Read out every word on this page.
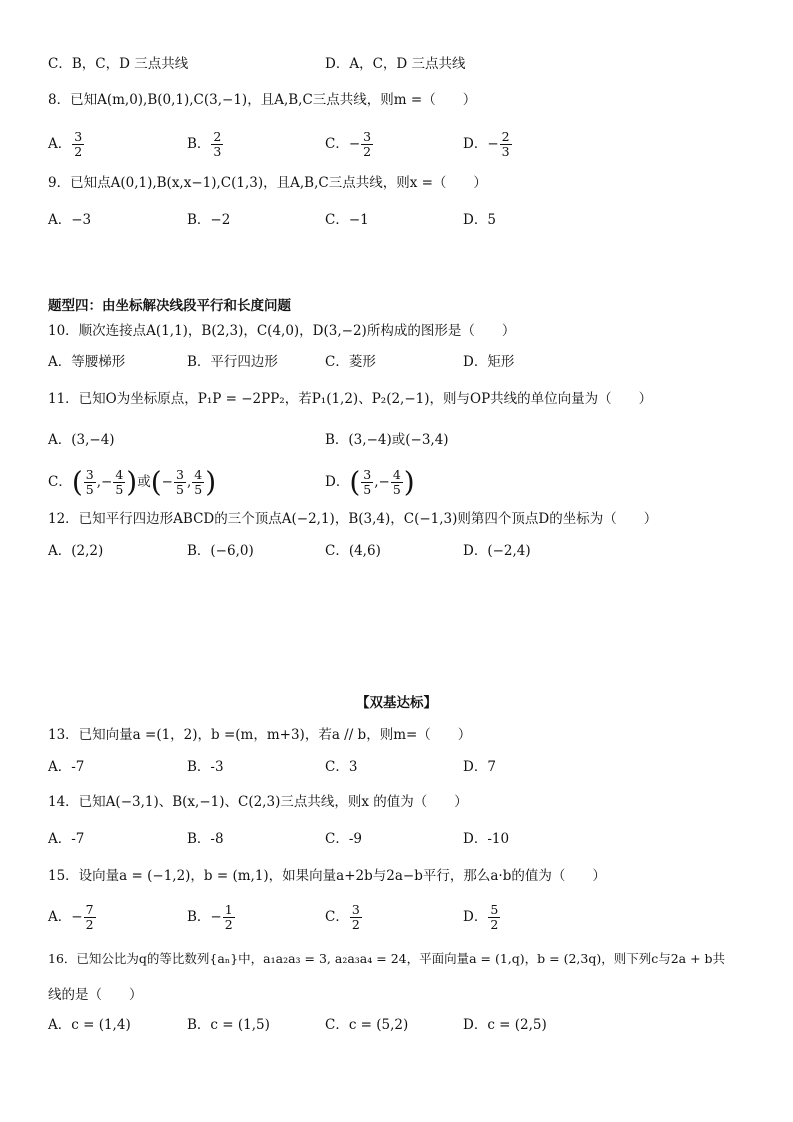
C．B，C，D 三点共线	D．A，C，D 三点共线
8．已知A(m,0),B(0,1),C(3,−1)，且A,B,C三点共线，则m =（　　）
A． $\frac{3}{2}$	B． $\frac{2}{3}$	C．− $\frac{3}{2}$	D．− $\frac{2}{3}$
9．已知点A(0,1),B(x,x−1),C(1,3)，且A,B,C三点共线，则x =（　　）
A．−3	B．−2	C．−1	D．5
题型四：由坐标解决线段平行和长度问题
10．顺次连接点A(1,1)，B(2,3)，C(4,0)，D(3,−2)所构成的图形是（　　）
A．等腰梯形	B．平行四边形	C．菱形	D．矩形
11．已知O为坐标原点，P₁P = −2PP₂，若P₁(1,2)、P₂(2,−1)，则与OP共线的单位向量为（　　）
A．(3,−4)	B．(3,−4)或(−3,4)
C．( $\frac{3}{5}$ ,− $\frac{4}{5}$ )或(− $\frac{3}{5}$ , $\frac{4}{5}$ )	D．( $\frac{3}{5}$ ,− $\frac{4}{5}$ )
12．已知平行四边形ABCD的三个顶点A(−2,1)，B(3,4)，C(−1,3)则第四个顶点D的坐标为（　　）
A．(2,2)	B．(−6,0)	C．(4,6)	D．(−2,4)
【双基达标】
13．已知向量a =(1，2)，b =(m，m+3)，若a // b，则m=（　　）
A．-7	B．-3	C．3	D．7
14．已知A(−3,1)、B(x,−1)、C(2,3)三点共线，则x 的值为（　　）
A．-7	B．-8	C．-9	D．-10
15．设向量a = (−1,2)，b = (m,1)，如果向量a+2b与2a−b平行，那么a·b的值为（　　）
A．− $\frac{7}{2}$	B．− $\frac{1}{2}$	C． $\frac{3}{2}$	D． $\frac{5}{2}$
16．已知公比为q的等比数列{aₙ}中，a₁a₂a₃ = 3, a₂a₃a₄ = 24，平面向量a = (1,q)，b = (2,3q)，则下列c与2a + b共
线的是（　　）
A．c = (1,4)	B．c = (1,5)	C．c = (5,2)	D．c = (2,5)
